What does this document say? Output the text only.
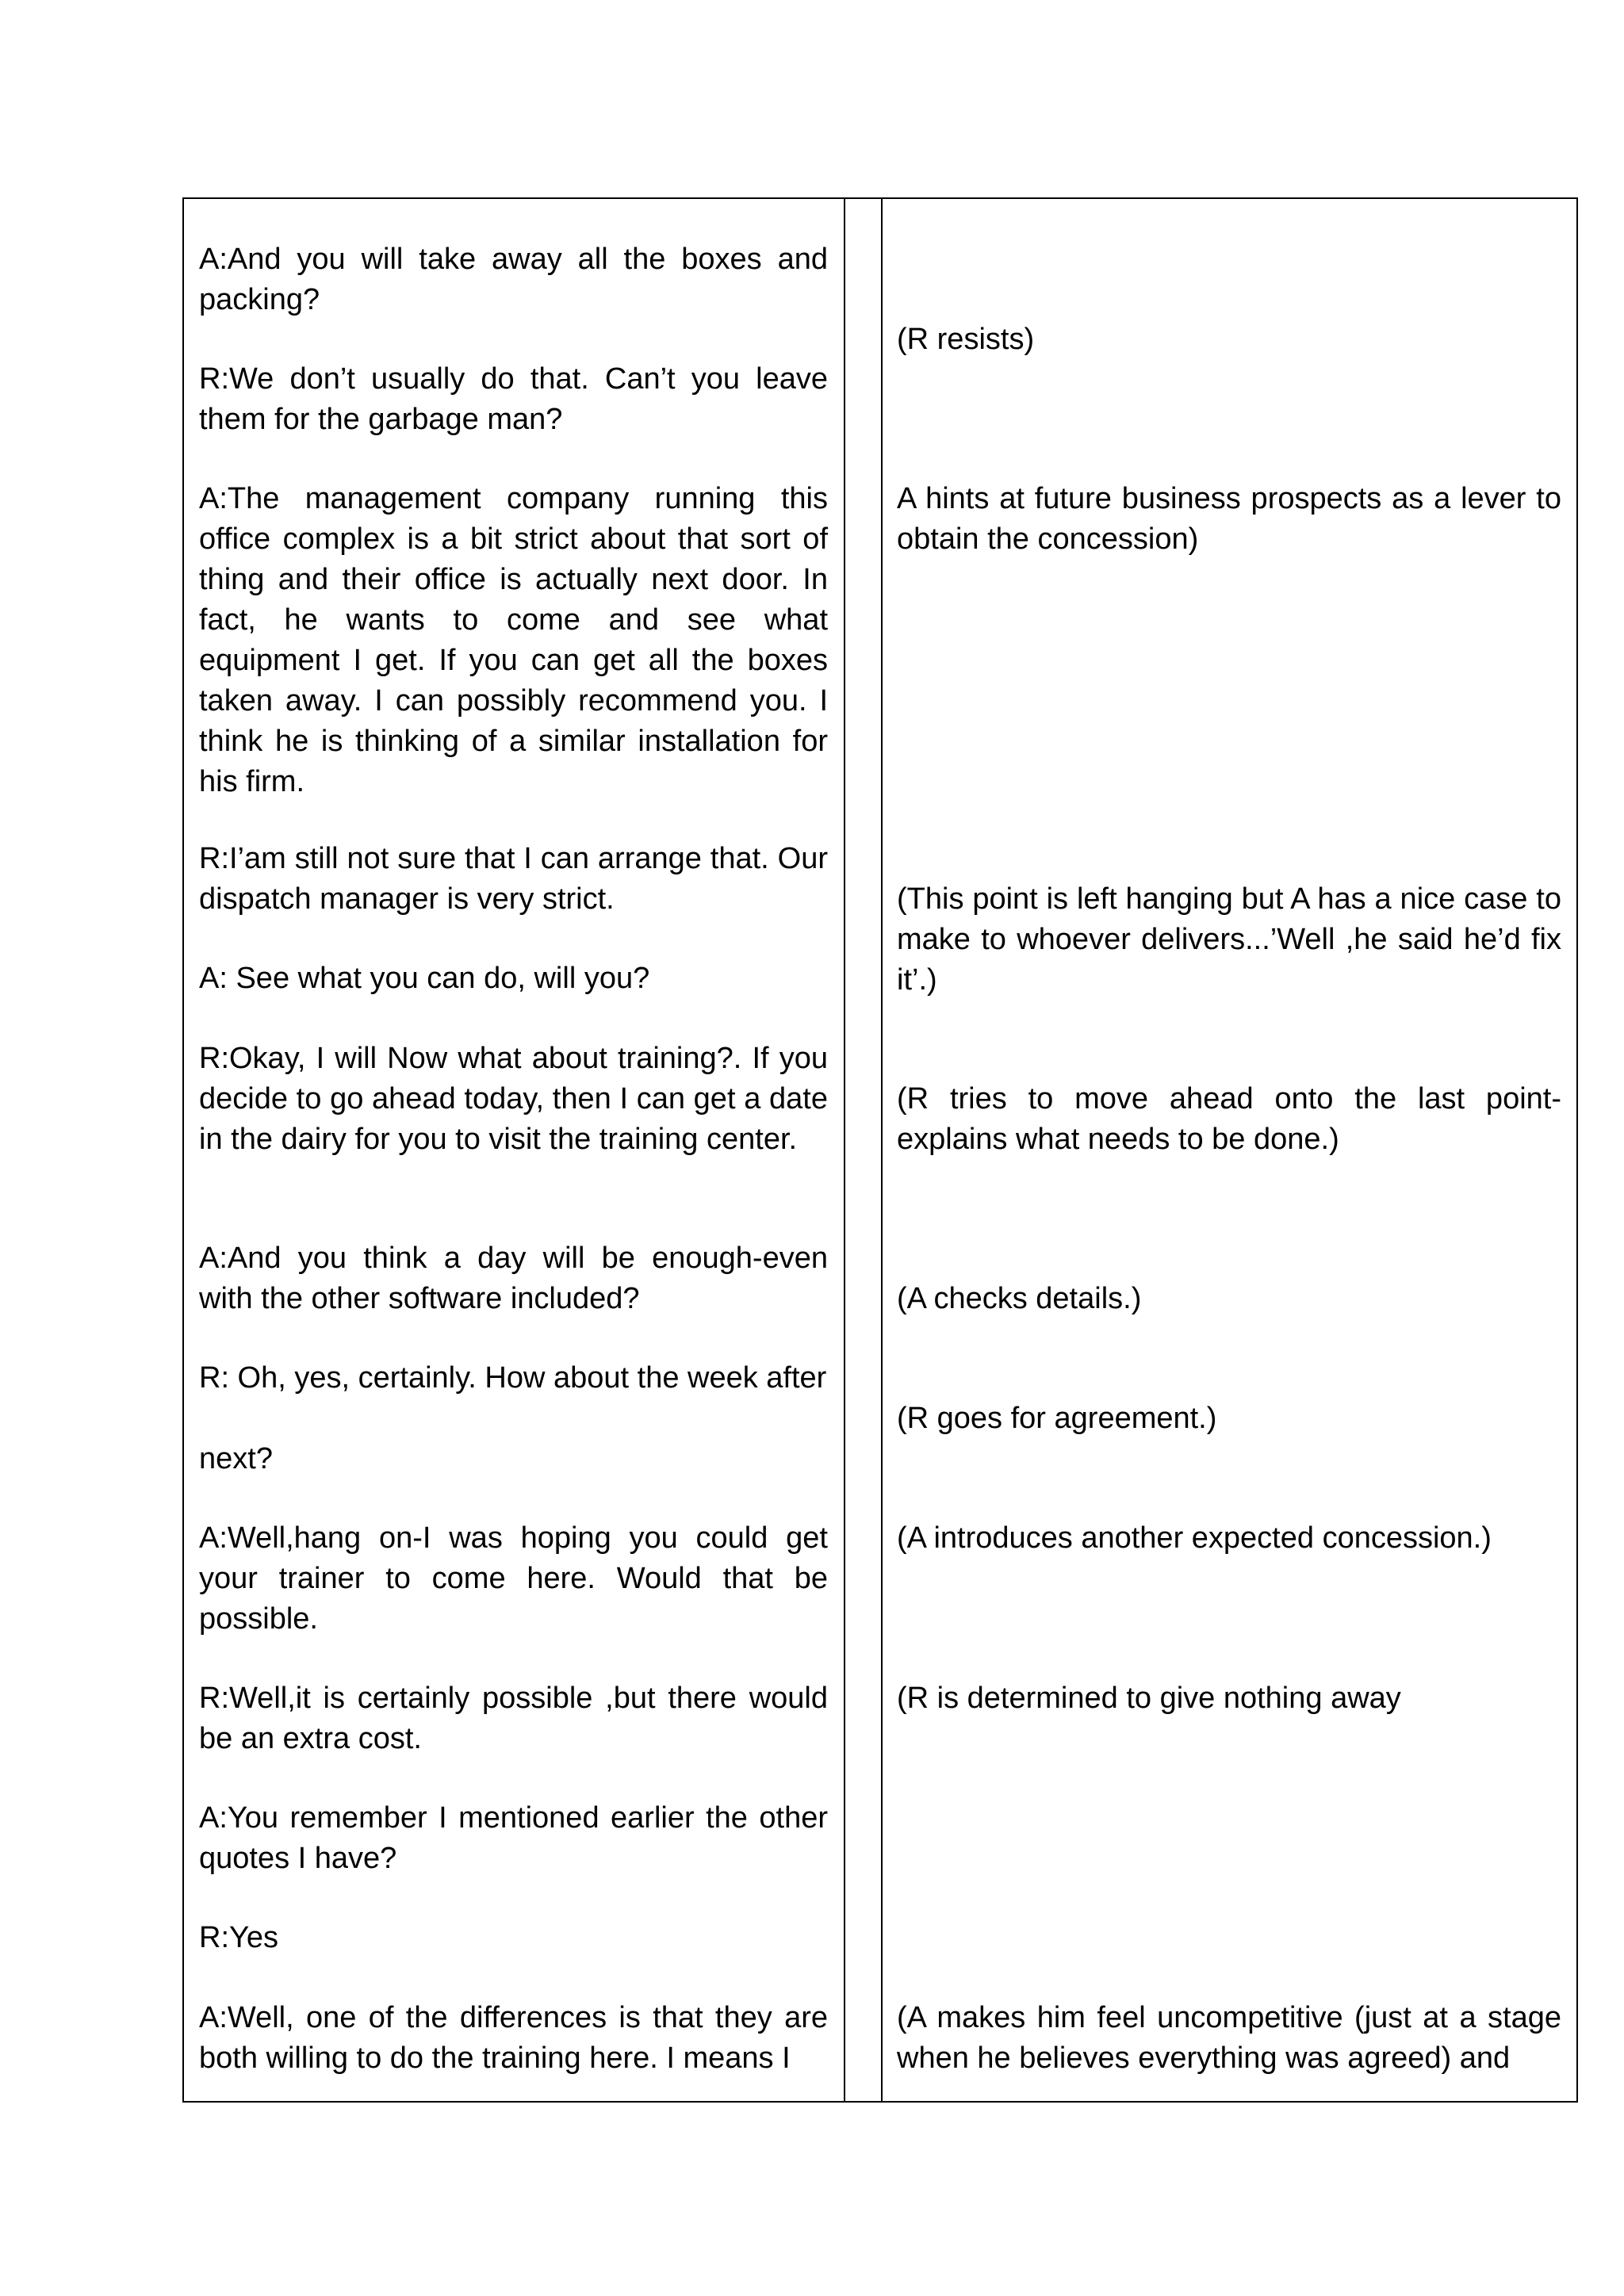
A:And you will take away all the boxes and packing?

R:We don’t usually do that. Can’t you leave them for the garbage man?

A:The management company running this office complex is a bit strict about that sort of thing and their office is actually next door. In fact, he wants to come and see what equipment I get. If you can get all the boxes taken away. I can possibly recommend you. I think he is thinking of a similar installation for his firm.

R:I’am still not sure that I can arrange that. Our dispatch manager is very strict.

A: See what you can do, will you?

R:Okay, I will Now what about training?. If you decide to go ahead today, then I can get a date in the dairy for you to visit the training center.

A:And you think a day will be enough-even with the other software included?

R: Oh, yes, certainly. How about the week after

next?

A:Well,hang on-I was hoping you could get your trainer to come here. Would that be possible.

R:Well,it is certainly possible ,but there would be an extra cost.

A:You remember I mentioned earlier the other quotes I have?

R:Yes

A:Well, one of the differences is that they are both willing to do the training here. I means I

(R resists)

A hints at future business prospects as a lever to obtain the concession)

(This point is left hanging but A has a nice case to make to whoever delivers...’Well ,he said he’d fix it’.)

(R tries to move ahead onto the last point-explains what needs to be done.)

(A checks details.)

(R goes for agreement.)

(A introduces another expected concession.)

(R is determined to give nothing away

(A makes him feel uncompetitive (just at a stage when he believes everything was agreed) and
